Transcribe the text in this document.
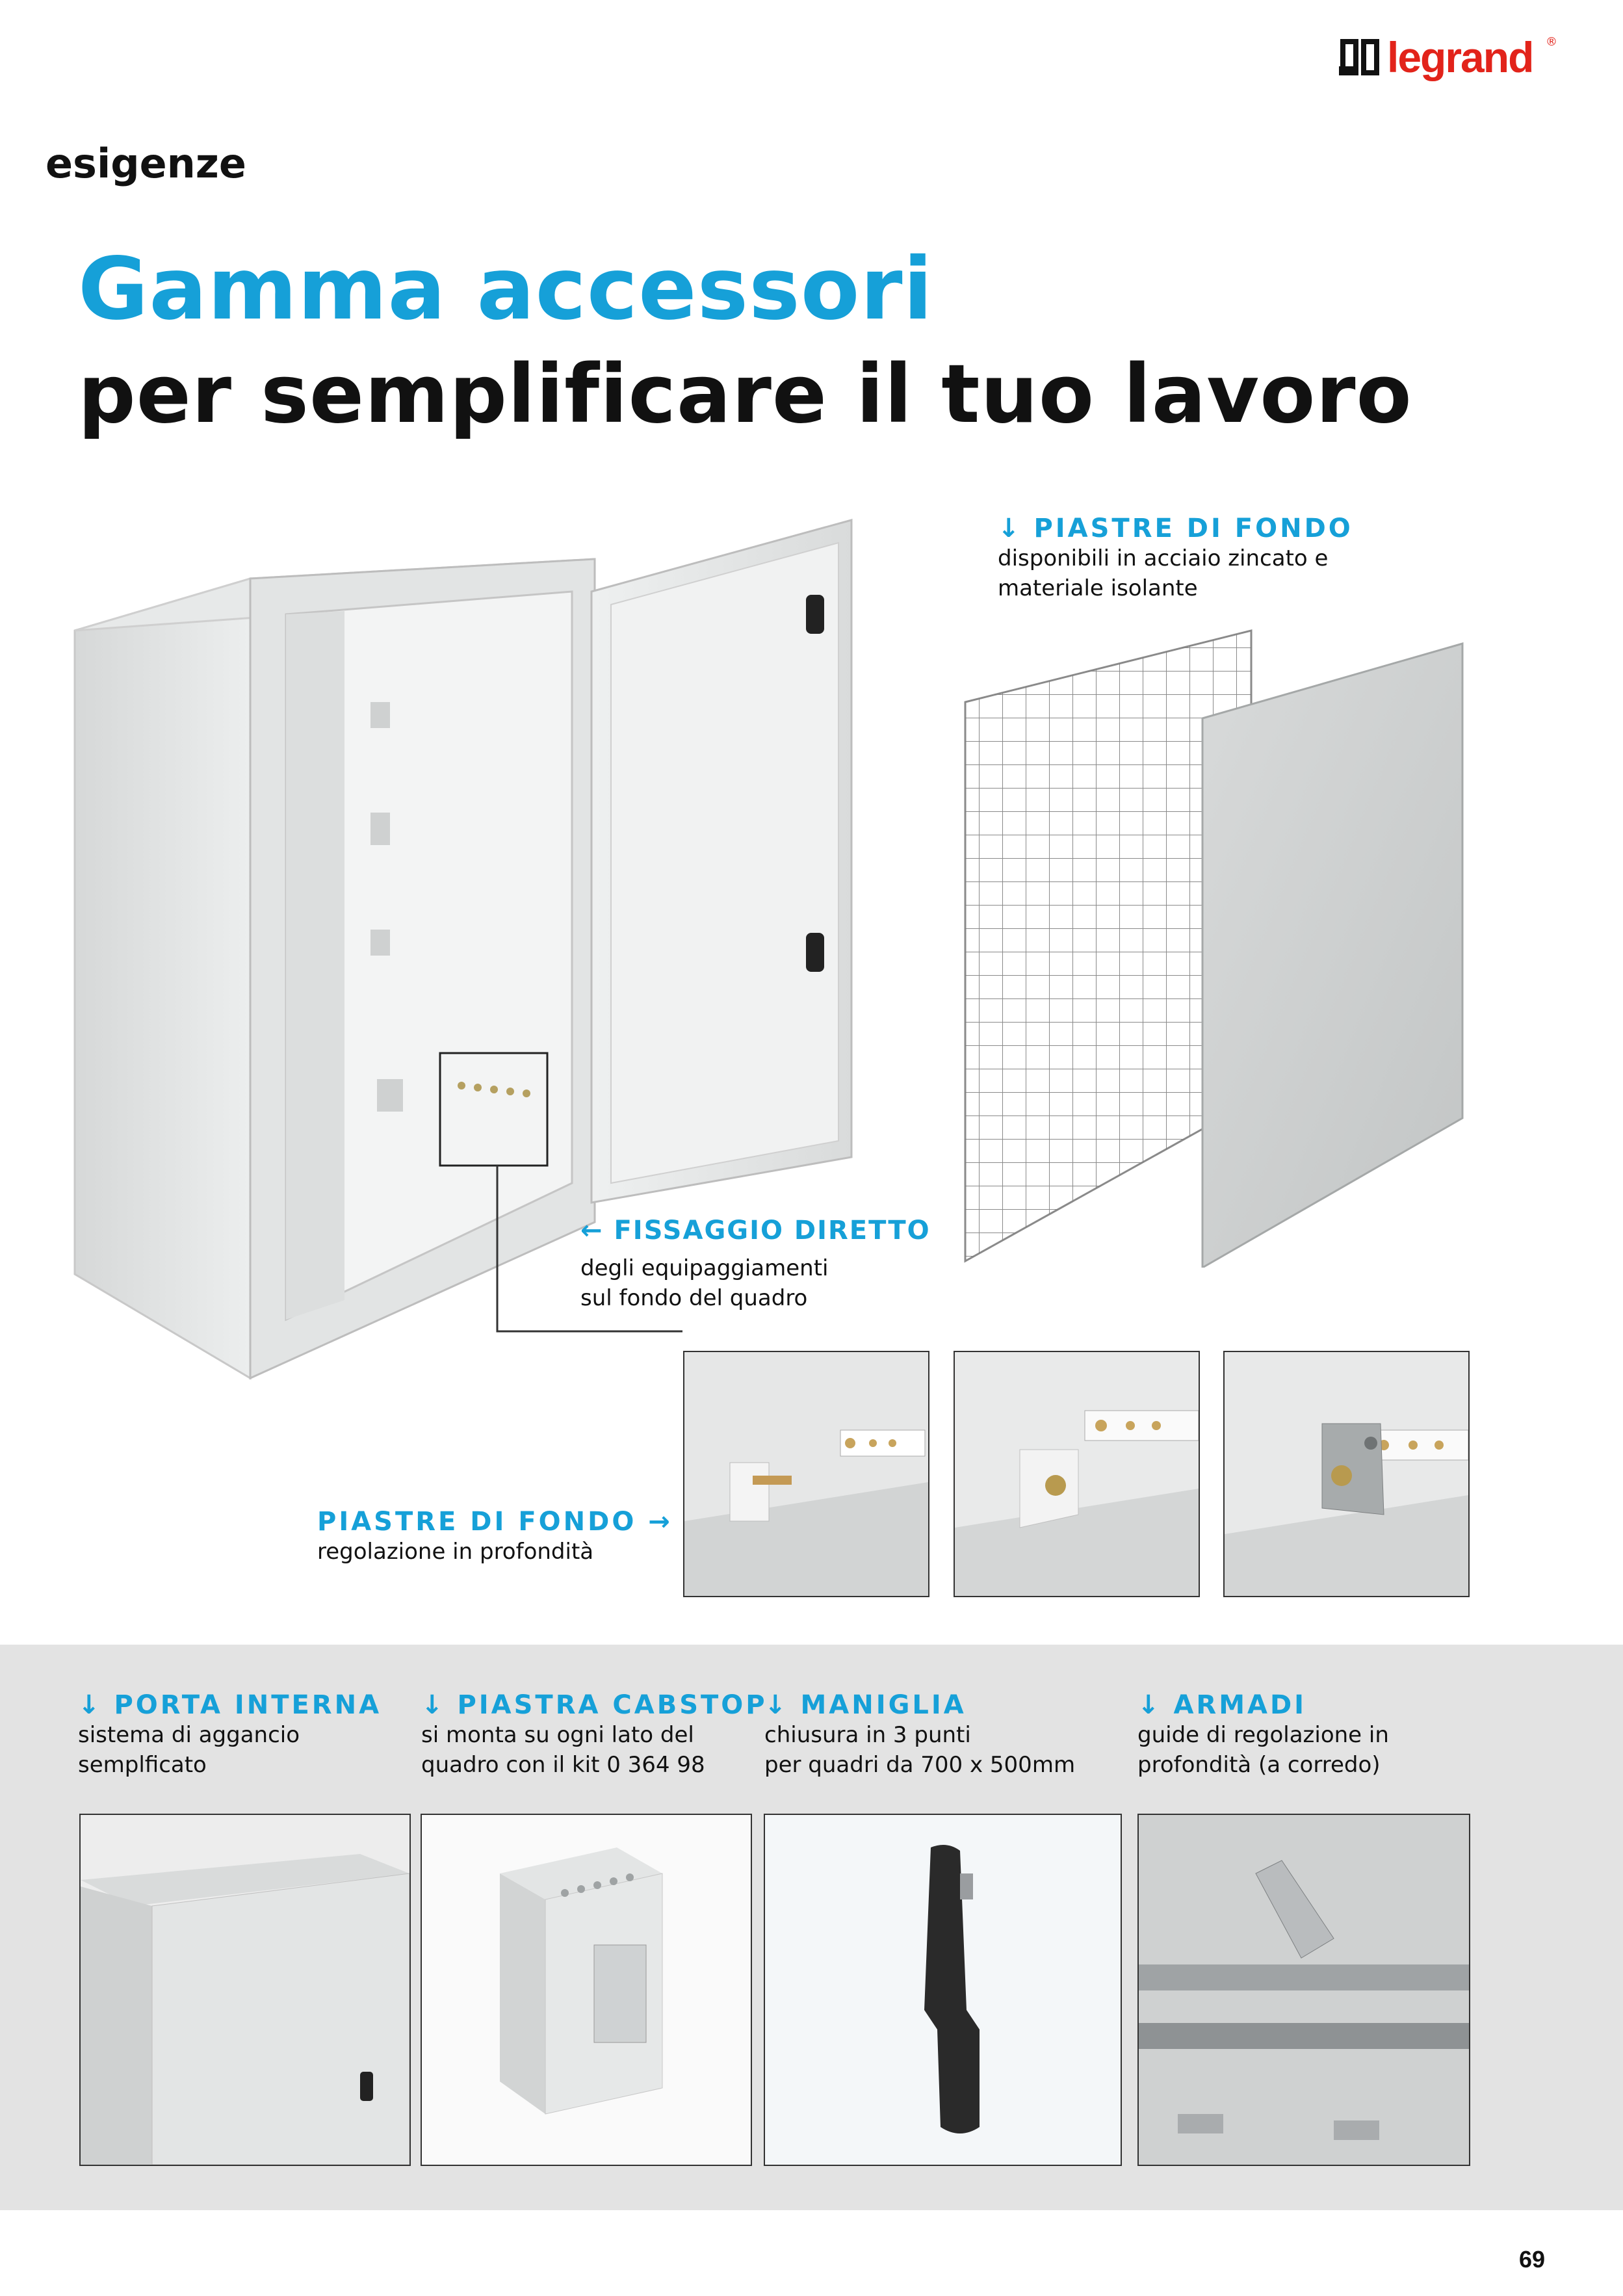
legrand ®
esigenze
Gamma accessori
per semplificare il tuo lavoro
↓ PIASTRE DI FONDO
disponibili in acciaio zincato e
materiale isolante
← FISSAGGIO DIRETTO
degli equipaggiamenti
sul fondo del quadro
PIASTRE DI FONDO →
regolazione in profondità
↓ PORTA INTERNA
sistema di aggancio
semplficato
↓ PIASTRA CABSTOP
si monta su ogni lato del
quadro con il kit 0 364 98
↓ MANIGLIA
chiusura in 3 punti
per quadri da 700 x 500mm
↓ ARMADI
guide di regolazione in
profondità (a corredo)
69
